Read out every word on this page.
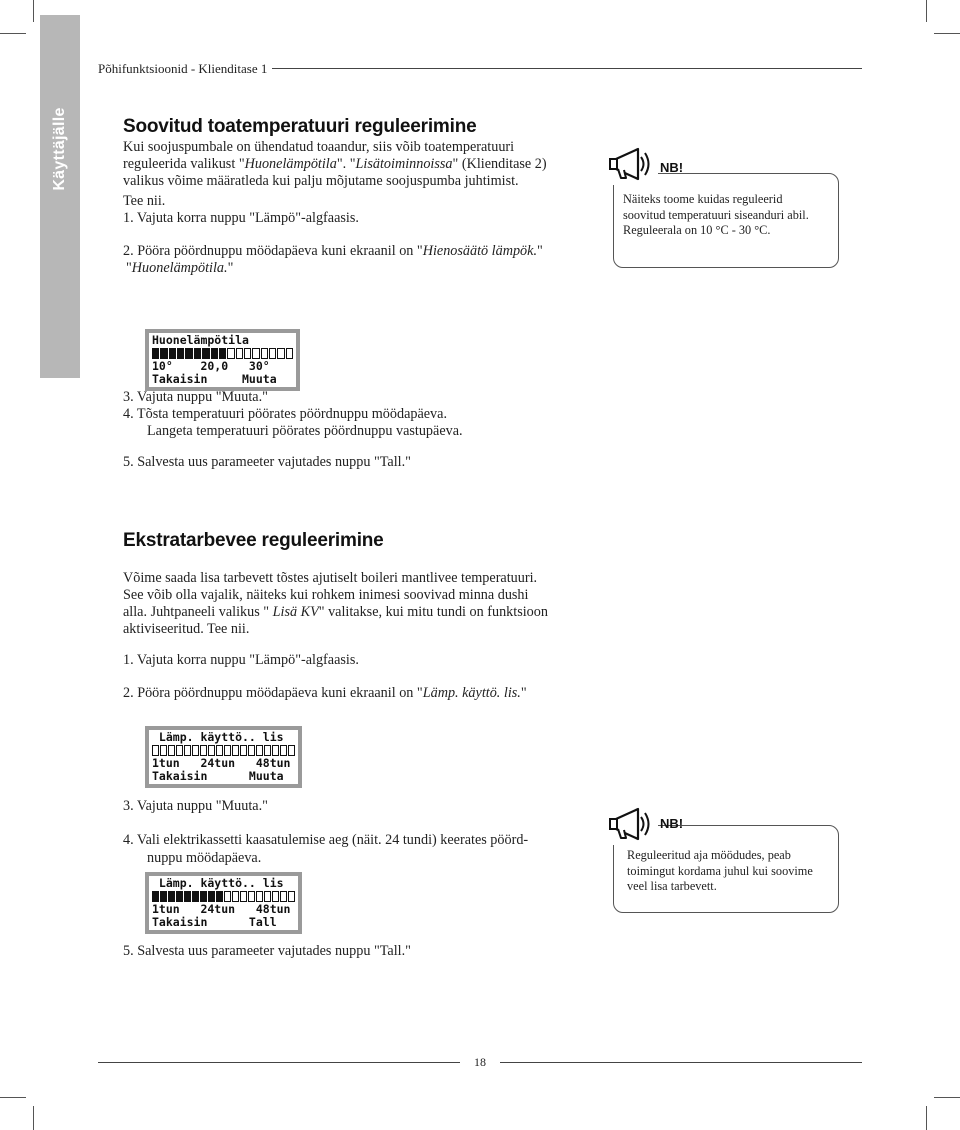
Põhifunktsioonid - Klienditase 1
Käyttäjälle	Soovitud toatemperatuuri reguleerimine
Kui soojuspumbale on ühendatud toaandur, siis võib toatemperatuuri
reguleerida valikust "Huonelämpötila". "Lisätoiminnoissa" (Klienditase 2)
valikus võime määratleda kui palju mõjutame soojuspumba juhtimist.
Tee nii.
1. Vajuta korra nuppu "Lämpö"-algfaasis.
2. Pööra pöördnuppu möödapäeva kuni ekraanil on "Hienosäätö lämpök."
"Huonelämpötila."
NB!
Näiteks toome kuidas reguleerid
soovitud temperatuuri siseanduri abil.
Reguleerala on 10 °C - 30 °C.
Huonelämpötila
10°    20,0   30°
Takaisin     Muuta
3. Vajuta nuppu "Muuta."
4. Tõsta temperatuuri pöörates pöördnuppu möödapäeva.
Langeta temperatuuri pöörates pöördnuppu vastupäeva.
5. Salvesta uus parameeter vajutades nuppu "Tall."
Ekstratarbevee reguleerimine
Võime saada lisa tarbevett tõstes ajutiselt boileri mantlivee temperatuuri.
See võib olla vajalik, näiteks kui rohkem inimesi soovivad minna dushi
alla. Juhtpaneeli valikus " Lisä KV" valitakse, kui mitu tundi on funktsioon
aktiviseeritud. Tee nii.
1. Vajuta korra nuppu "Lämpö"-algfaasis.
2. Pööra pöördnuppu möödapäeva kuni ekraanil on "Lämp. käyttö. lis."
Lämp. käyttö.. lis
1tun   24tun   48tun
Takaisin      Muuta
3. Vajuta nuppu "Muuta."
4. Vali elektrikassetti kaasatulemise aeg (näit. 24 tundi) keerates pöörd-
nuppu möödapäeva.
Lämp. käyttö.. lis
1tun   24tun   48tun
Takaisin      Tall
5. Salvesta uus parameeter vajutades nuppu "Tall."
NB!
Reguleeritud aja möödudes, peab
toimingut kordama juhul kui soovime
veel lisa tarbevett.
18
